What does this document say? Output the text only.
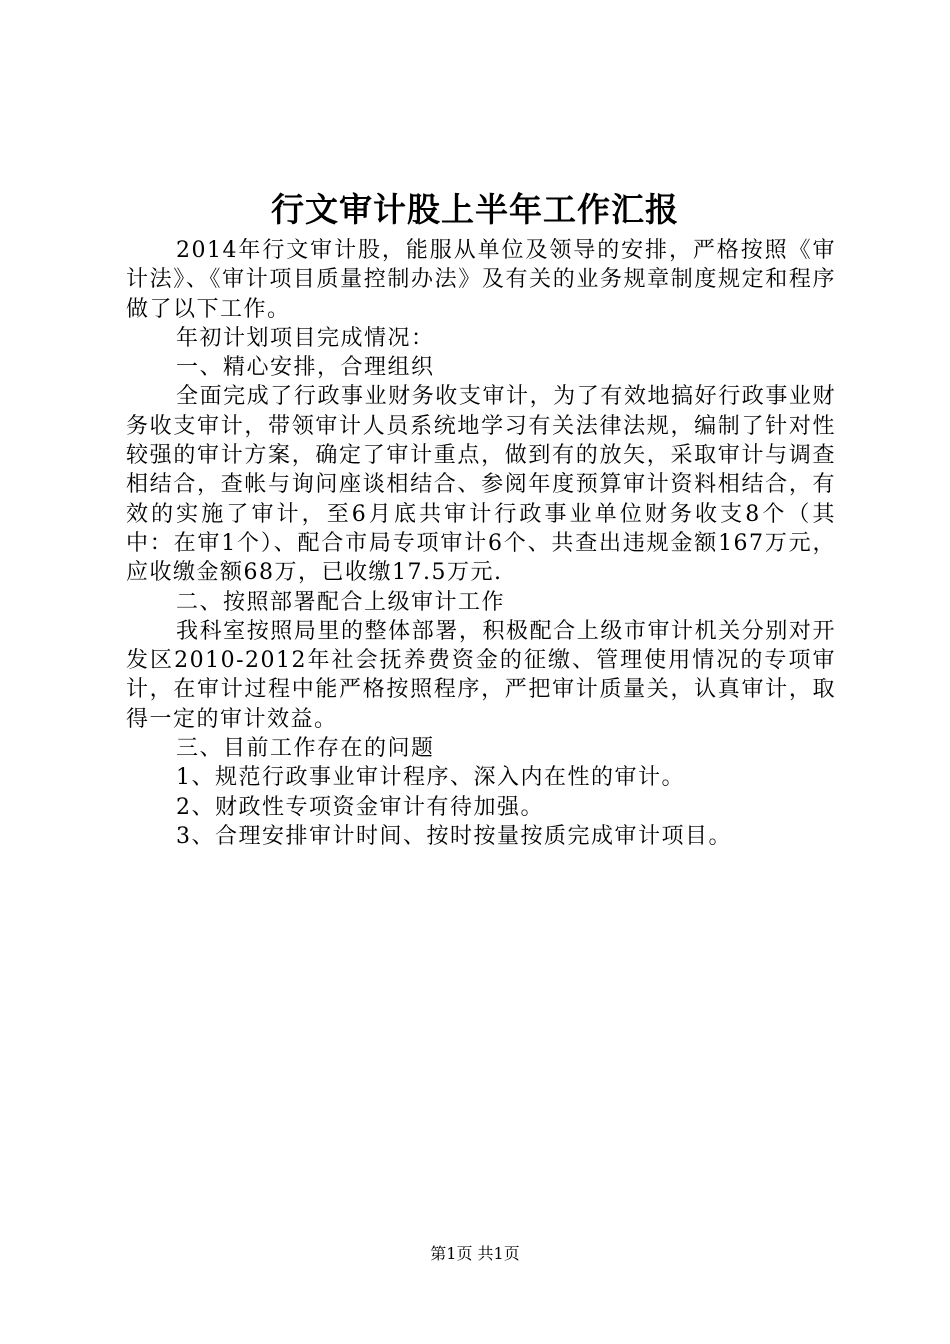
行文审计股上半年工作汇报

2014年行文审计股，能服从单位及领导的安排，严格按照《审计法》、《审计项目质量控制办法》及有关的业务规章制度规定和程序做了以下工作。

年初计划项目完成情况：

一、精心安排，合理组织

全面完成了行政事业财务收支审计，为了有效地搞好行政事业财务收支审计，带领审计人员系统地学习有关法律法规，编制了针对性较强的审计方案，确定了审计重点，做到有的放矢，采取审计与调查相结合，查帐与询问座谈相结合、参阅年度预算审计资料相结合，有效的实施了审计，至6月底共审计行政事业单位财务收支8个（其中：在审1个）、配合市局专项审计6个、共查出违规金额167万元，应收缴金额68万，已收缴17.5万元.

二、按照部署配合上级审计工作

我科室按照局里的整体部署，积极配合上级市审计机关分别对开发区2010-2012年社会抚养费资金的征缴、管理使用情况的专项审计，在审计过程中能严格按照程序，严把审计质量关，认真审计，取得一定的审计效益。

三、目前工作存在的问题

1、规范行政事业审计程序、深入内在性的审计。

2、财政性专项资金审计有待加强。

3、合理安排审计时间、按时按量按质完成审计项目。

第1页 共1页
